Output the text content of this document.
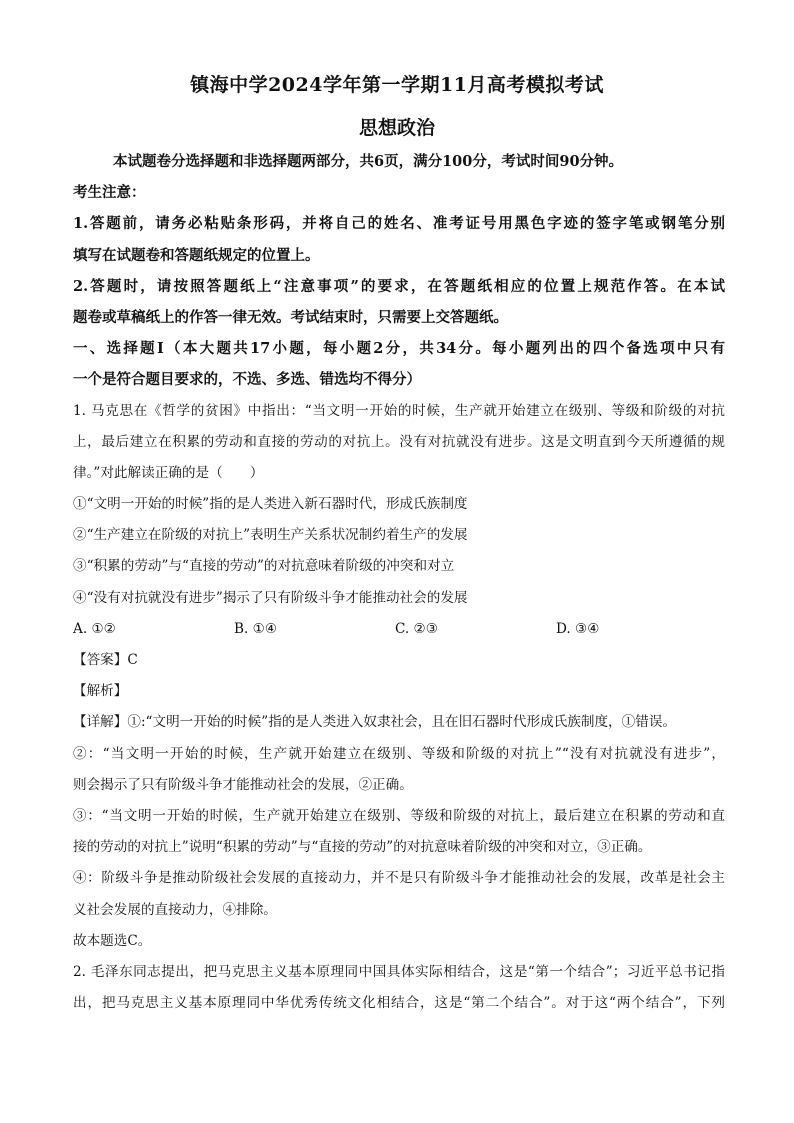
镇海中学2024学年第一学期11月高考模拟考试
思想政治
本试题卷分选择题和非选择题两部分，共6页，满分100分，考试时间90分钟。
考生注意：
1.答题前，请务必粘贴条形码，并将自己的姓名、准考证号用黑色字迹的签字笔或钢笔分别
填写在试题卷和答题纸规定的位置上。
2.答题时，请按照答题纸上“注意事项”的要求，在答题纸相应的位置上规范作答。在本试
题卷或草稿纸上的作答一律无效。考试结束时，只需要上交答题纸。
一、选择题Ⅰ（本大题共17小题，每小题2分，共34分。每小题列出的四个备选项中只有
一个是符合题目要求的，不选、多选、错选均不得分）
1. 马克思在《哲学的贫困》中指出：“当文明一开始的时候，生产就开始建立在级别、等级和阶级的对抗
上，最后建立在积累的劳动和直接的劳动的对抗上。没有对抗就没有进步。这是文明直到今天所遵循的规
律。”对此解读正确的是（　　）
①“文明一开始的时候”指的是人类进入新石器时代，形成氏族制度
②“生产建立在阶级的对抗上”表明生产关系状况制约着生产的发展
③“积累的劳动”与“直接的劳动”的对抗意味着阶级的冲突和对立
④“没有对抗就没有进步”揭示了只有阶级斗争才能推动社会的发展
A. ①②	B. ①④	C. ②③	D. ③④
【答案】C
【解析】
【详解】①:“文明一开始的时候”指的是人类进入奴隶社会，且在旧石器时代形成氏族制度，①错误。
②：“当文明一开始的时候，生产就开始建立在级别、等级和阶级的对抗上”“没有对抗就没有进步”，
则会揭示了只有阶级斗争才能推动社会的发展，②正确。
③：“当文明一开始的时候，生产就开始建立在级别、等级和阶级的对抗上，最后建立在积累的劳动和直
接的劳动的对抗上”说明“积累的劳动”与“直接的劳动”的对抗意味着阶级的冲突和对立，③正确。
④：阶级斗争是推动阶级社会发展的直接动力，并不是只有阶级斗争才能推动社会的发展，改革是社会主
义社会发展的直接动力，④排除。
故本题选C。
2. 毛泽东同志提出，把马克思主义基本原理同中国具体实际相结合，这是“第一个结合”；习近平总书记指
出，把马克思主义基本原理同中华优秀传统文化相结合，这是“第二个结合”。对于这“两个结合”，下列
